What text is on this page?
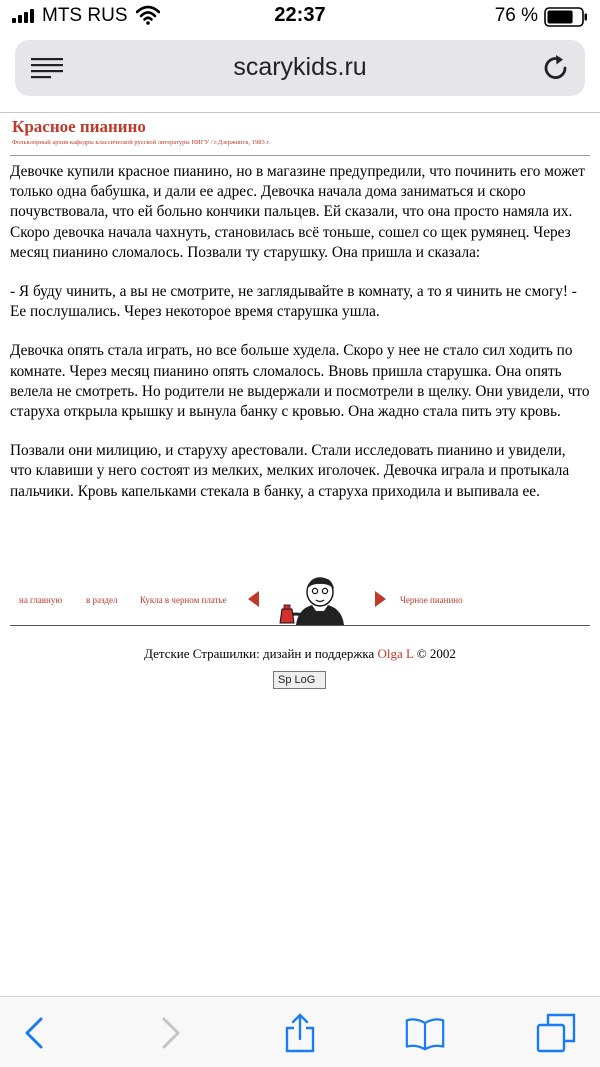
MTS RUS	22:37	76 %
scarykids.ru
Красное пианино
Фольклорный архив кафедры классической русской литературы НИГУ / г.Дзержинск, 1983 г.

Девочке купили красное пианино, но в магазине предупредили, что починить его может только одна бабушка, и дали ее адрес. Девочка начала дома заниматься и скоро почувствовала, что ей больно кончики пальцев. Ей сказали, что она просто намяла их. Скоро девочка начала чахнуть, становилась всё тоньше, сошел со щек румянец. Через месяц пианино сломалось. Позвали ту старушку. Она пришла и сказала:

- Я буду чинить, а вы не смотрите, не заглядывайте в комнату, а то я чинить не смогу! - Ее послушались. Через некоторое время старушка ушла.

Девочка опять стала играть, но все больше худела. Скоро у нее не стало сил ходить по комнате. Через месяц пианино опять сломалось. Вновь пришла старушка. Она опять велела не смотреть. Но родители не выдержали и посмотрели в щелку. Они увидели, что старуха открыла крышку и вынула банку с кровью. Она жадно стала пить эту кровь.

Позвали они милицию, и старуху арестовали. Стали исследовать пианино и увидели, что клавиши у него состоят из мелких, мелких иголочек. Девочка играла и протыкала пальчики. Кровь капельками стекала в банку, а старуха приходила и выпивала ее.

на главную	в раздел	Кукла в черном платье	Черное пианино
Детские Страшилки: дизайн и поддержка Olga L © 2002
Sp LoG
